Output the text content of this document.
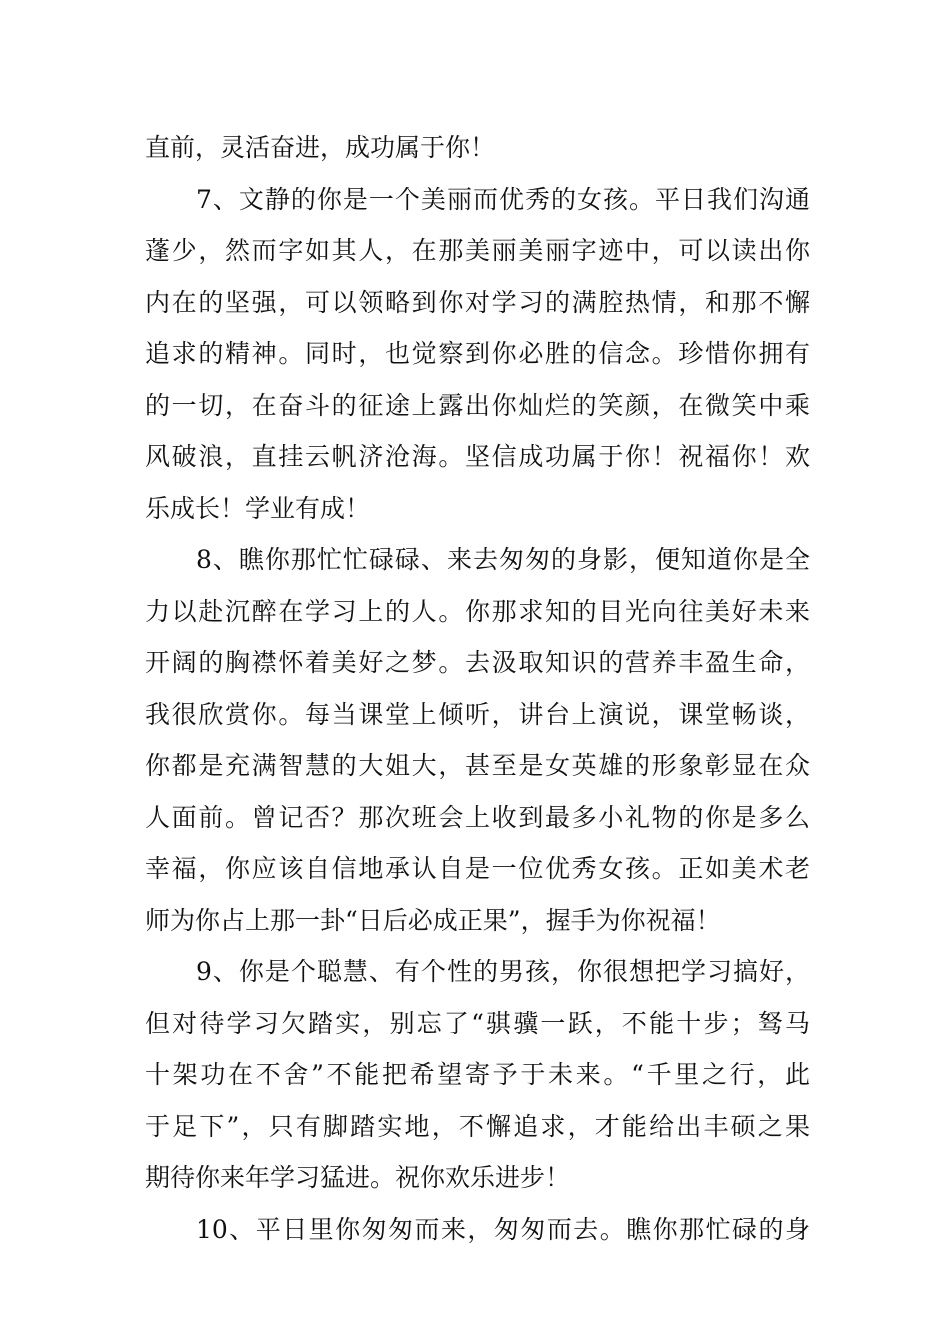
直前，灵活奋进，成功属于你！
7、文静的你是一个美丽而优秀的女孩。平日我们沟通
蓬少，然而字如其人，在那美丽美丽字迹中，可以读出你
内在的坚强，可以领略到你对学习的满腔热情，和那不懈
追求的精神。同时，也觉察到你必胜的信念。珍惜你拥有
的一切，在奋斗的征途上露出你灿烂的笑颜，在微笑中乘
风破浪，直挂云帆济沧海。坚信成功属于你！祝福你！欢
乐成长！学业有成！
8、瞧你那忙忙碌碌、来去匆匆的身影，便知道你是全
力以赴沉醉在学习上的人。你那求知的目光向往美好未来
开阔的胸襟怀着美好之梦。去汲取知识的营养丰盈生命，
我很欣赏你。每当课堂上倾听，讲台上演说，课堂畅谈，
你都是充满智慧的大姐大，甚至是女英雄的形象彰显在众
人面前。曾记否？那次班会上收到最多小礼物的你是多么
幸福，你应该自信地承认自是一位优秀女孩。正如美术老
师为你占上那一卦“日后必成正果”，握手为你祝福！
9、你是个聪慧、有个性的男孩，你很想把学习搞好，
但对待学习欠踏实，别忘了“骐骥一跃，不能十步；驽马
十架功在不舍”不能把希望寄予于未来。“千里之行，此
于足下”，只有脚踏实地，不懈追求，才能给出丰硕之果
期待你来年学习猛进。祝你欢乐进步！
10、平日里你匆匆而来，匆匆而去。瞧你那忙碌的身
